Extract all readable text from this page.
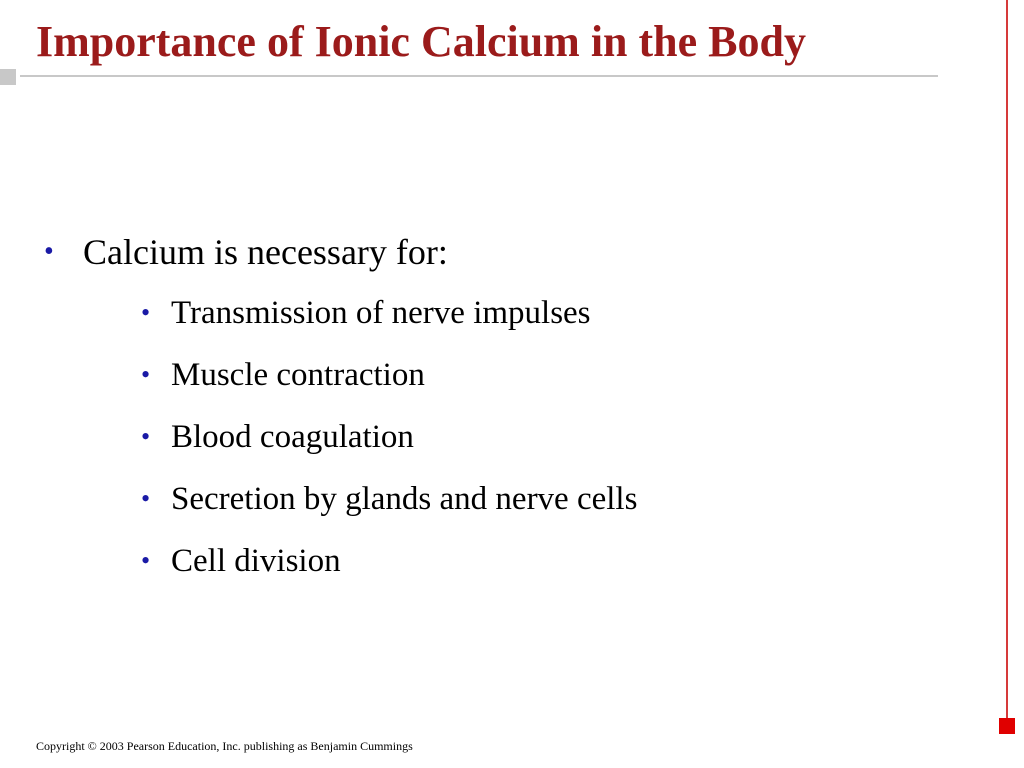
Importance of Ionic Calcium in the Body
• Calcium is necessary for:
• Transmission of nerve impulses
• Muscle contraction
• Blood coagulation
• Secretion by glands and nerve cells
• Cell division
Copyright © 2003 Pearson Education, Inc. publishing as Benjamin Cummings
